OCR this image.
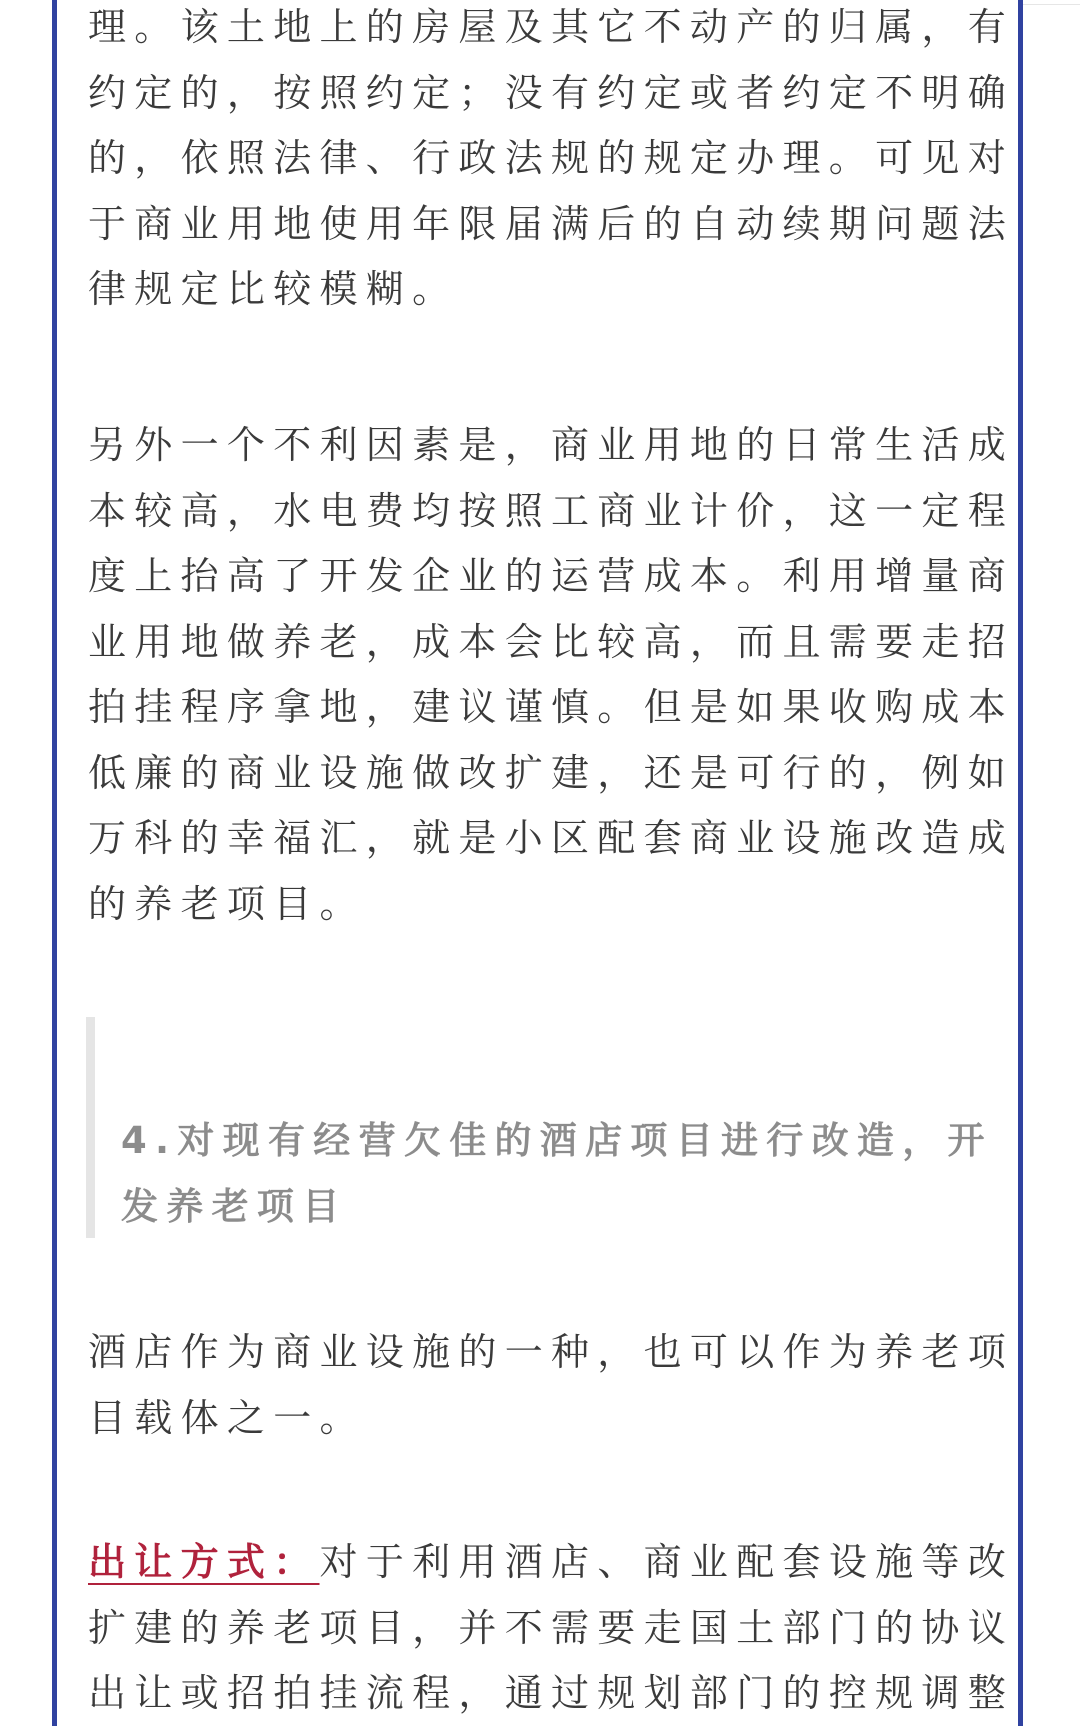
理。该土地上的房屋及其它不动产的归属，有
约定的，按照约定；没有约定或者约定不明确
的，依照法律、行政法规的规定办理。可见对
于商业用地使用年限届满后的自动续期问题法
律规定比较模糊。

另外一个不利因素是，商业用地的日常生活成
本较高，水电费均按照工商业计价，这一定程
度上抬高了开发企业的运营成本。利用增量商
业用地做养老，成本会比较高，而且需要走招
拍挂程序拿地，建议谨慎。但是如果收购成本
低廉的商业设施做改扩建，还是可行的，例如
万科的幸福汇，就是小区配套商业设施改造成
的养老项目。

4.对现有经营欠佳的酒店项目进行改造，开
发养老项目

酒店作为商业设施的一种，也可以作为养老项
目载体之一。

出让方式：对于利用酒店、商业配套设施等改
扩建的养老项目，并不需要走国土部门的协议
出让或招拍挂流程，通过规划部门的控规调整
